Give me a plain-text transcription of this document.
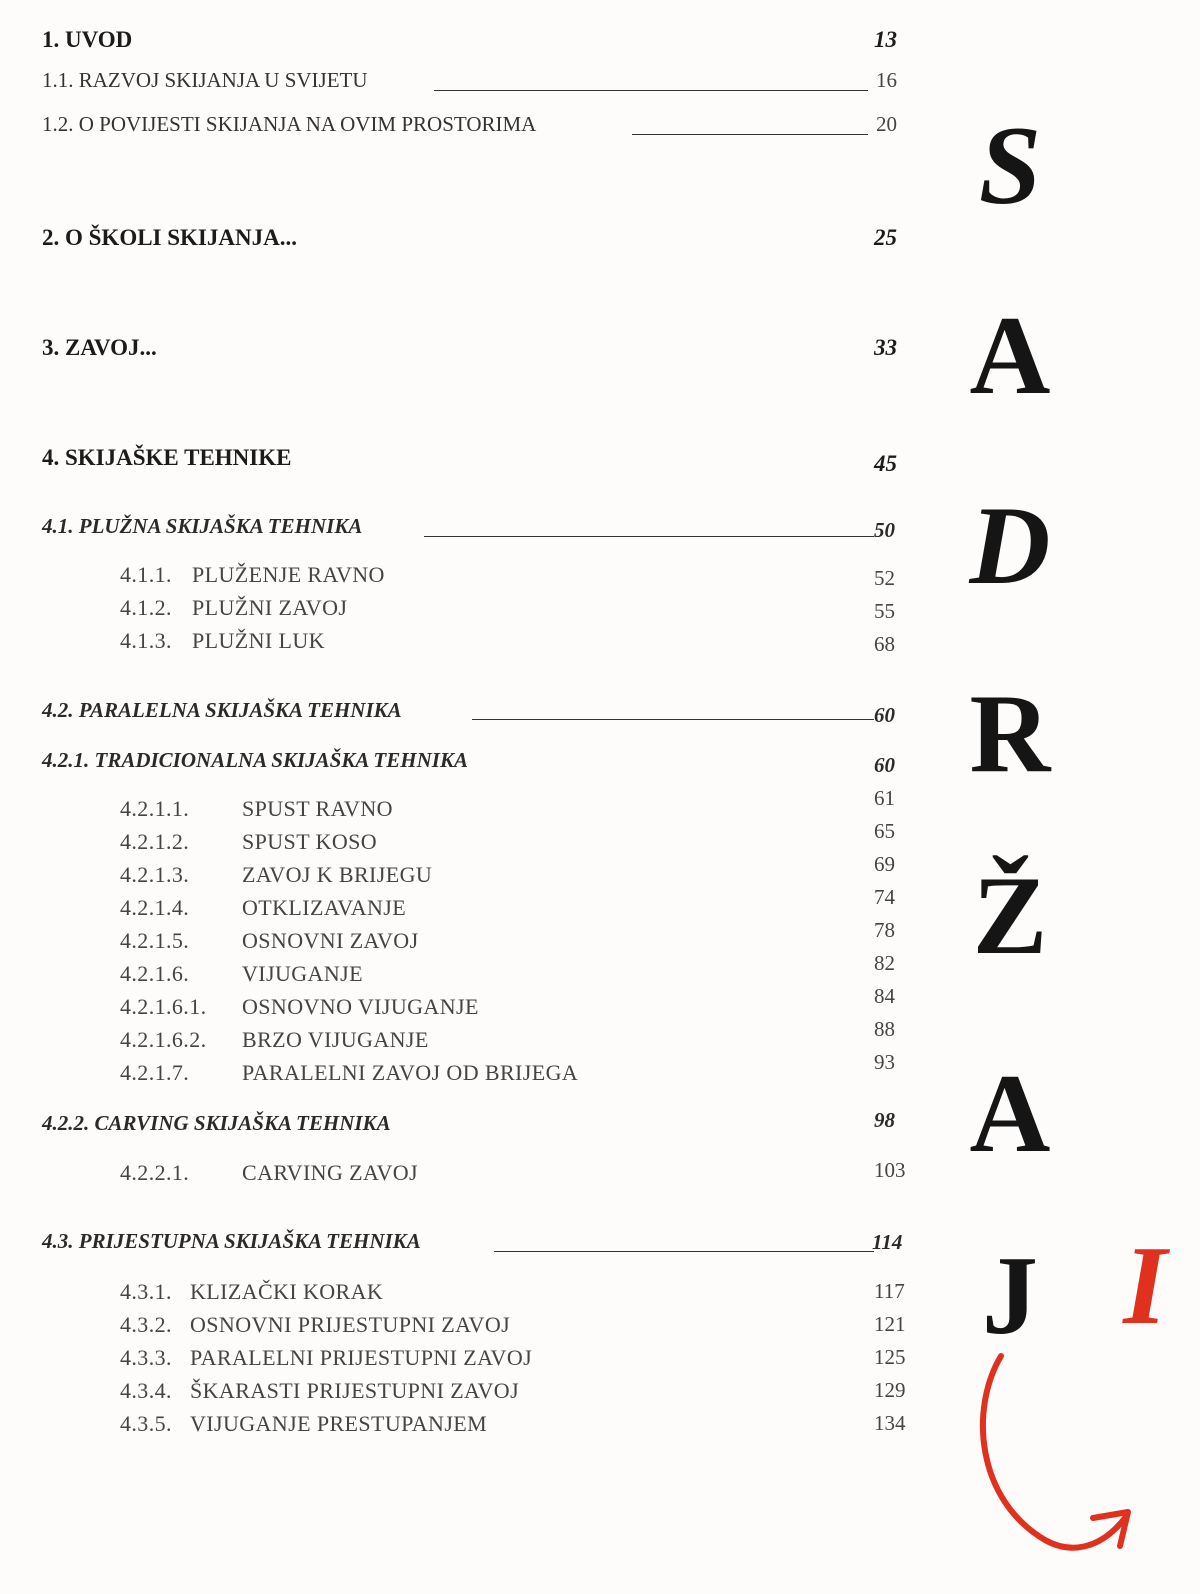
1. UVOD	13
1.1. RAZVOJ SKIJANJA U SVIJETU	16
1.2. O POVIJESTI SKIJANJA NA OVIM PROSTORIMA	20
2. O ŠKOLI SKIJANJA...	25
3. ZAVOJ...	33
4. SKIJAŠKE TEHNIKE	45
4.1. PLUŽNA SKIJAŠKA TEHNIKA	50
4.1.1. PLUŽENJE RAVNO	52
4.1.2. PLUŽNI ZAVOJ	55
4.1.3. PLUŽNI LUK	68
4.2. PARALELNA SKIJAŠKA TEHNIKA	60
4.2.1. TRADICIONALNA SKIJAŠKA TEHNIKA	60
4.2.1.1. SPUST RAVNO	61
4.2.1.2. SPUST KOSO	65
4.2.1.3. ZAVOJ K BRIJEGU	69
4.2.1.4. OTKLIZAVANJE	74
4.2.1.5. OSNOVNI ZAVOJ	78
4.2.1.6. VIJUGANJE	82
4.2.1.6.1. OSNOVNO VIJUGANJE	84
4.2.1.6.2. BRZO VIJUGANJE	88
4.2.1.7. PARALELNI ZAVOJ OD BRIJEGA	93
4.2.2. CARVING SKIJAŠKA TEHNIKA	98
4.2.2.1. CARVING ZAVOJ	103
4.3. PRIJESTUPNA SKIJAŠKA TEHNIKA	114
4.3.1. KLIZAČKI KORAK	117
4.3.2. OSNOVNI PRIJESTUPNI ZAVOJ	121
4.3.3. PARALELNI PRIJESTUPNI ZAVOJ	125
4.3.4. ŠKARASTI PRIJESTUPNI ZAVOJ	129
4.3.5. VIJUGANJE PRESTUPANJEM	134
S
A
D
R
Ž
A
J I
